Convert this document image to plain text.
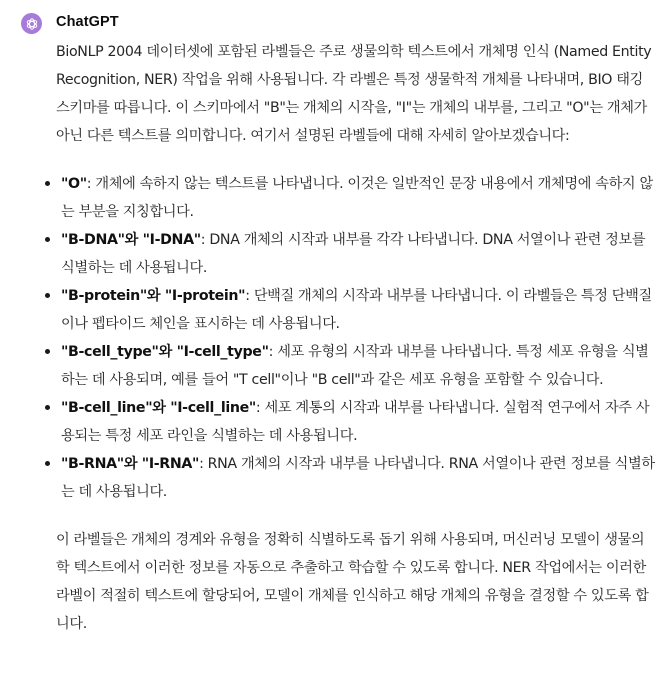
ChatGPT

BioNLP 2004 데이터셋에 포함된 라벨들은 주로 생물의학 텍스트에서 개체명 인식 (Named Entity Recognition, NER) 작업을 위해 사용됩니다. 각 라벨은 특정 생물학적 개체를 나타내며, BIO 태깅 스키마를 따릅니다. 이 스키마에서 "B"는 개체의 시작을, "I"는 개체의 내부를, 그리고 "O"는 개체가 아닌 다른 텍스트를 의미합니다. 여기서 설명된 라벨들에 대해 자세히 알아보겠습니다:

"O": 개체에 속하지 않는 텍스트를 나타냅니다. 이것은 일반적인 문장 내용에서 개체명에 속하지 않는 부분을 지칭합니다.
"B-DNA"와 "I-DNA": DNA 개체의 시작과 내부를 각각 나타냅니다. DNA 서열이나 관련 정보를 식별하는 데 사용됩니다.
"B-protein"와 "I-protein": 단백질 개체의 시작과 내부를 나타냅니다. 이 라벨들은 특정 단백질이나 펩타이드 체인을 표시하는 데 사용됩니다.
"B-cell_type"와 "I-cell_type": 세포 유형의 시작과 내부를 나타냅니다. 특정 세포 유형을 식별하는 데 사용되며, 예를 들어 "T cell"이나 "B cell"과 같은 세포 유형을 포함할 수 있습니다.
"B-cell_line"와 "I-cell_line": 세포 계통의 시작과 내부를 나타냅니다. 실험적 연구에서 자주 사용되는 특정 세포 라인을 식별하는 데 사용됩니다.
"B-RNA"와 "I-RNA": RNA 개체의 시작과 내부를 나타냅니다. RNA 서열이나 관련 정보를 식별하는 데 사용됩니다.

이 라벨들은 개체의 경계와 유형을 정확히 식별하도록 돕기 위해 사용되며, 머신러닝 모델이 생물의학 텍스트에서 이러한 정보를 자동으로 추출하고 학습할 수 있도록 합니다. NER 작업에서는 이러한 라벨이 적절히 텍스트에 할당되어, 모델이 개체를 인식하고 해당 개체의 유형을 결정할 수 있도록 합니다.
